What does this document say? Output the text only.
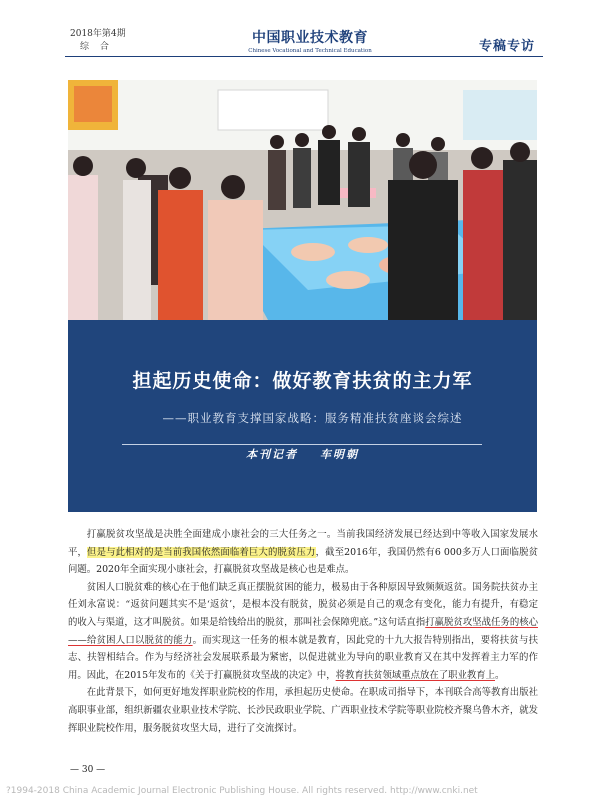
2018年第4期
综 合
中国职业技术教育
Chinese Vocational and Technical Education	专稿专访
担起历史使命：做好教育扶贫的主力军
——职业教育支撑国家战略：服务精准扶贫座谈会综述
本刊记者 车明朝

打赢脱贫攻坚战是决胜全面建成小康社会的三大任务之一。当前我国经济发展已经达到中等收入国家发展水平，但是与此相对的是当前我国依然面临着巨大的脱贫压力，截至2016年，我国仍然有6 000多万人口面临脱贫问题。2020年全面实现小康社会，打赢脱贫攻坚战是核心也是难点。

贫困人口脱贫难的核心在于他们缺乏真正摆脱贫困的能力，极易由于各种原因导致频频返贫。国务院扶贫办主任刘永富说：“返贫问题其实不是‘返贫’，是根本没有脱贫，脱贫必须是自己的观念有变化，能力有提升，有稳定的收入与渠道，这才叫脱贫。如果是给钱给出的脱贫，那叫社会保障兜底。”这句话直指打赢脱贫攻坚战任务的核心——给贫困人口以脱贫的能力。而实现这一任务的根本就是教育，因此党的十九大报告特别指出，要将扶贫与扶志、扶智相结合。作为与经济社会发展联系最为紧密，以促进就业为导向的职业教育又在其中发挥着主力军的作用。因此，在2015年发布的《关于打赢脱贫攻坚战的决定》中，将教育扶贫领域重点放在了职业教育上。

在此背景下，如何更好地发挥职业院校的作用，承担起历史使命。在职成司指导下，本刊联合高等教育出版社高职事业部，组织新疆农业职业技术学院、长沙民政职业学院、广西职业技术学院等职业院校齐聚乌鲁木齐，就发挥职业院校作用，服务脱贫攻坚大局，进行了交流探讨。

— 30 —
?1994-2018 China Academic Journal Electronic Publishing House. All rights reserved. http://www.cnki.net
